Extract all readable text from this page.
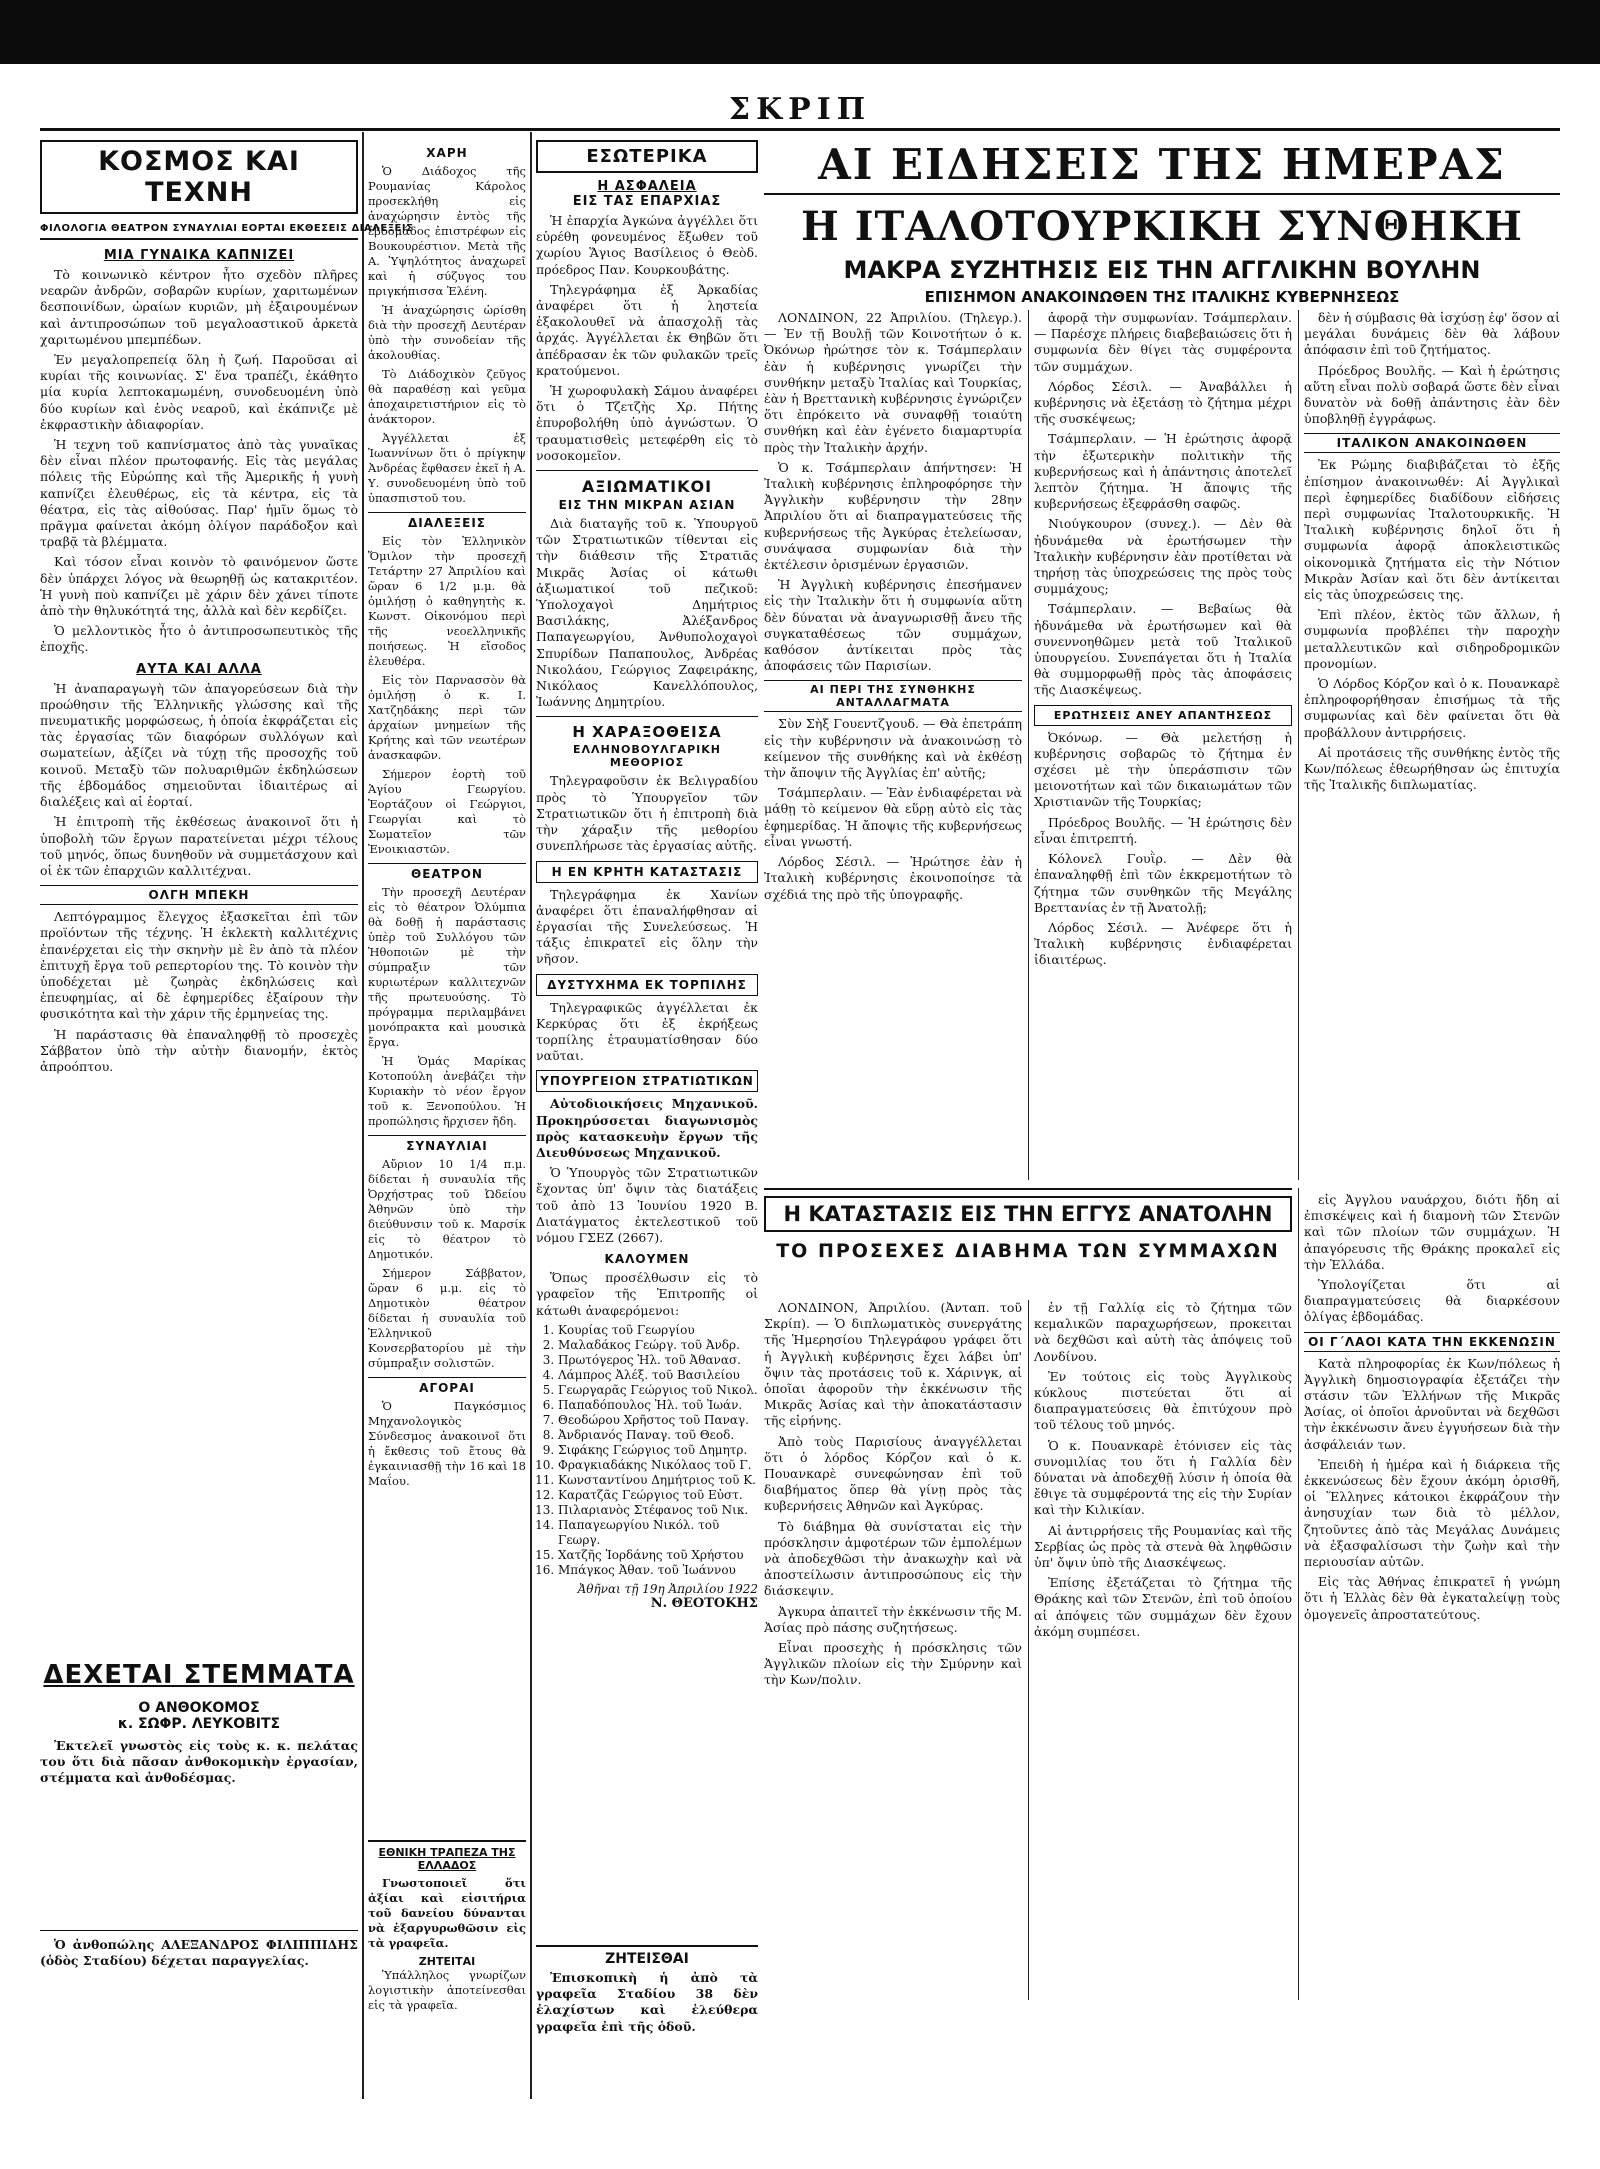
ΣΚΡΙΠ
ΚΟΣΜΟΣ ΚΑΙ ΤΕΧΝΗ
ΦΙΛΟΛΟΓΙΑ ΘΕΑΤΡΟΝ ΣΥΝΑΥΛΙΑΙ ΕΟΡΤΑΙ ΕΚΘΕΣΕΙΣ ΔΙΑΛΕΞΕΙΣ
ΜΙΑ ΓΥΝΑΙΚΑ ΚΑΠΝΙΖΕΙ

Τὸ κοινωνικὸ κέντρον ἦτο σχεδὸν πλῆρες νεαρῶν ἀνδρῶν, σοβαρῶν κυρίων, χαριτωμένων δεσποινίδων, ὡραίων κυριῶν, μὴ ἐξαιρουμένων καὶ ἀντιπροσώπων τοῦ μεγαλοαστικοῦ ἀρκετὰ χαριτωμένου μπεμπέδων.

Ἐν μεγαλοπρεπείᾳ ὅλη ἡ ζωή. Παροῦσαι αἱ κυρίαι τῆς κοινωνίας. Σ' ἕνα τραπέζι, ἐκάθητο μία κυρία λεπτοκαμωμένη, συνοδευομένη ὑπὸ δύο κυρίων καὶ ἑνὸς νεαροῦ, καὶ ἐκάπνιζε μὲ ἐκφραστικὴν ἀδιαφορίαν.

Ἡ τεχνη τοῦ καπνίσματος ἀπὸ τὰς γυναῖκας δὲν εἶναι πλέον πρωτοφανής. Εἰς τὰς μεγάλας πόλεις τῆς Εὐρώπης καὶ τῆς Ἀμερικῆς ἡ γυνὴ καπνίζει ἐλευθέρως, εἰς τὰ κέντρα, εἰς τὰ θέατρα, εἰς τὰς αἰθούσας. Παρ' ἡμῖν ὅμως τὸ πρᾶγμα φαίνεται ἀκόμη ὀλίγον παράδοξον καὶ τραβᾷ τὰ βλέμματα.

Καὶ τόσον εἶναι κοινὸν τὸ φαινόμενον ὥστε δὲν ὑπάρχει λόγος νὰ θεωρηθῇ ὡς κατακριτέον. Ἡ γυνὴ ποὺ καπνίζει μὲ χάριν δὲν χάνει τίποτε ἀπὸ τὴν θηλυκότητά της, ἀλλὰ καὶ δὲν κερδίζει.

Ὁ μελλοντικὸς ἦτο ὁ ἀντιπροσωπευτικὸς τῆς ἐποχῆς.

ΑΥΤΑ ΚΑΙ ΑΛΛΑ

Ἡ ἀναπαραγωγὴ τῶν ἀπαγορεύσεων διὰ τὴν προώθησιν τῆς Ἑλληνικῆς γλώσσης καὶ τῆς πνευματικῆς μορφώσεως, ἡ ὁποία ἐκφράζεται εἰς τὰς ἐργασίας τῶν διαφόρων συλλόγων καὶ σωματείων, ἀξίζει νὰ τύχῃ τῆς προσοχῆς τοῦ κοινοῦ. Μεταξὺ τῶν πολυαριθμῶν ἐκδηλώσεων τῆς ἑβδομάδος σημειοῦνται ἰδιαιτέρως αἱ διαλέξεις καὶ αἱ ἑορταί.

Ἡ ἐπιτροπὴ τῆς ἐκθέσεως ἀνακοινοῖ ὅτι ἡ ὑποβολὴ τῶν ἔργων παρατείνεται μέχρι τέλους τοῦ μηνός, ὅπως δυνηθοῦν νὰ συμμετάσχουν καὶ οἱ ἐκ τῶν ἐπαρχιῶν καλλιτέχναι.

ΟΛΓΗ ΜΠΕΚΗ

Λεπτόγραμμος ἔλεγχος ἐξασκεῖται ἐπὶ τῶν προϊόντων τῆς τέχνης. Ἡ ἐκλεκτὴ καλλιτέχνις ἐπανέρχεται εἰς τὴν σκηνὴν μὲ ἓν ἀπὸ τὰ πλέον ἐπιτυχῆ ἔργα τοῦ ρεπερτορίου της. Τὸ κοινὸν τὴν ὑποδέχεται μὲ ζωηρὰς ἐκδηλώσεις καὶ ἐπευφημίας, αἱ δὲ ἐφημερίδες ἐξαίρουν τὴν φυσικότητα καὶ τὴν χάριν τῆς ἑρμηνείας της.

Ἡ παράστασις θὰ ἐπαναληφθῇ τὸ προσεχὲς Σάββατον ὑπὸ τὴν αὐτὴν διανομήν, ἐκτὸς ἀπροόπτου.

ΔΕΧΕΤΑΙ ΣΤΕΜΜΑΤΑ
Ο ΑΝΘΟΚΟΜΟΣ
κ. ΣΩΦΡ. ΛΕΥΚΟΒΙΤΣ

Ἐκτελεῖ γνωστὸς εἰς τοὺς κ. κ. πελάτας του ὅτι διὰ πᾶσαν ἀνθοκομικὴν ἐργασίαν, στέμματα καὶ ἀνθοδέσμας.

Ὁ ἀνθοπώλης ΑΛΕΞΑΝΔΡΟΣ ΦΙΛΙΠΠΙΔΗΣ (ὁδὸς Σταδίου) δέχεται παραγγελίας.

ΧΑΡΗ

Ὁ Διάδοχος τῆς Ρουμανίας Κάρολος προσεκλήθη εἰς ἀναχώρησιν ἐντὸς τῆς ἑβδομάδος ἐπιστρέφων εἰς Βουκουρέστιον. Μετὰ τῆς Α. Ὑψηλότητος ἀναχωρεῖ καὶ ἡ σύζυγος του πριγκήπισσα Ἑλένη.

Ἡ ἀναχώρησις ὡρίσθη διὰ τὴν προσεχῆ Δευτέραν ὑπὸ τὴν συνοδείαν τῆς ἀκολουθίας.

Τὸ Διάδοχικὸν ζεῦγος θὰ παραθέσῃ καὶ γεῦμα ἀποχαιρετιστήριον εἰς τὸ ἀνάκτορον.

Ἀγγέλλεται ἐξ Ἰωαννίνων ὅτι ὁ πρίγκηψ Ἀνδρέας ἔφθασεν ἐκεῖ ἡ Α. Υ. συνοδευομένη ὑπὸ τοῦ ὑπασπιστοῦ του.

ΔΙΑΛΕΞΕΙΣ

Εἰς τὸν Ἑλληνικὸν Ὅμιλον τὴν προσεχῆ Τετάρτην 27 Ἀπριλίου καὶ ὥραν 6 1/2 μ.μ. θὰ ὁμιλήσῃ ὁ καθηγητὴς κ. Κωνστ. Οἰκονόμου περὶ τῆς νεοελληνικῆς ποιήσεως. Ἡ εἴσοδος ἐλευθέρα.

Εἰς τὸν Παρνασσὸν θὰ ὁμιλήσῃ ὁ κ. Ι. Χατζηδάκης περὶ τῶν ἀρχαίων μνημείων τῆς Κρήτης καὶ τῶν νεωτέρων ἀνασκαφῶν.

Σήμερον ἑορτὴ τοῦ Ἁγίου Γεωργίου. Ἑορτάζουν οἱ Γεώργιοι, Γεωργίαι καὶ τὸ Σωματεῖον τῶν Ἐνοικιαστῶν.

ΘΕΑΤΡΟΝ

Τὴν προσεχῆ Δευτέραν εἰς τὸ θέατρον Ὀλύμπια θὰ δοθῇ ἡ παράστασις ὑπὲρ τοῦ Συλλόγου τῶν Ἠθοποιῶν μὲ τὴν σύμπραξιν τῶν κυριωτέρων καλλιτεχνῶν τῆς πρωτευούσης. Τὸ πρόγραμμα περιλαμβάνει μονόπρακτα καὶ μουσικὰ ἔργα.

Ἡ Ὁμάς Μαρίκας Κοτοπούλη ἀνεβάζει τὴν Κυριακὴν τὸ νέον ἔργον τοῦ κ. Ξενοπούλου. Ἡ προπώλησις ἤρχισεν ἤδη.

ΣΥΝΑΥΛΙΑΙ

Αὔριον 10 1/4 π.μ. δίδεται ἡ συναυλία τῆς Ὀρχήστρας τοῦ Ὠδείου Ἀθηνῶν ὑπὸ τὴν διεύθυνσιν τοῦ κ. Μαρσίκ εἰς τὸ θέατρον τὸ Δημοτικόν.

Σήμερον Σάββατον, ὥραν 6 μ.μ. εἰς τὸ Δημοτικὸν θέατρον δίδεται ἡ συναυλία τοῦ Ἑλληνικοῦ Κονσερβατορίου μὲ τὴν σύμπραξιν σολιστῶν.

ΑΓΟΡΑΙ

Ὁ Παγκόσμιος Μηχανολογικὸς Σύνδεσμος ἀνακοινοῖ ὅτι ἡ ἔκθεσις τοῦ ἔτους θὰ ἐγκαινιασθῇ τὴν 16 καὶ 18 Μαΐου.

ΕΣΩΤΕΡΙΚΑ
Η ΑΣΦΑΛΕΙΑ
ΕΙΣ ΤΑΣ ΕΠΑΡΧΙΑΣ

Ἡ ἐπαρχία Ἀγκώνα ἀγγέλλει ὅτι εὑρέθη φονευμένος ἔξωθεν τοῦ χωρίου Ἅγιος Βασίλειος ὁ Θεὸδ. πρόεδρος Παν. Κουρκουβάτης.

Τηλεγράφημα ἐξ Ἀρκαδίας ἀναφέρει ὅτι ἡ ληστεία ἐξακολουθεῖ νὰ ἀπασχολῇ τὰς ἀρχάς. Ἀγγέλλεται ἐκ Θηβῶν ὅτι ἀπέδρασαν ἐκ τῶν φυλακῶν τρεῖς κρατούμενοι.

Ἡ χωροφυλακὴ Σάμου ἀναφέρει ὅτι ὁ Τζετζὴς Χρ. Πήτης ἐπυροβολήθη ὑπὸ ἀγνώστων. Ὁ τραυματισθεὶς μετεφέρθη εἰς τὸ νοσοκομεῖον.

ΑΞΙΩΜΑΤΙΚΟΙ
ΕΙΣ ΤΗΝ ΜΙΚΡΑΝ ΑΣΙΑΝ

Διὰ διαταγῆς τοῦ κ. Ὑπουργοῦ τῶν Στρατιωτικῶν τίθενται εἰς τὴν διάθεσιν τῆς Στρατιᾶς Μικρᾶς Ἀσίας οἱ κάτωθι ἀξιωματικοί τοῦ πεζικοῦ: Ὑπολοχαγοὶ Δημήτριος Βασιλάκης, Ἀλέξανδρος Παπαγεωργίου, Ἀνθυπολοχαγοὶ Σπυρίδων Παπαπουλος, Ἀνδρέας Νικολάου, Γεώργιος Ζαφειράκης, Νικόλαος Κανελλόπουλος, Ἰωάννης Δημητρίου.

Η ΧΑΡΑΞΟΘΕΙΣΑ
ΕΛΛΗΝΟΒΟΥΛΓΑΡΙΚΗ ΜΕΘΟΡΙΟΣ

Τηλεγραφοῦσιν ἐκ Βελιγραδίου πρὸς τὸ Ὑπουργεῖον τῶν Στρατιωτικῶν ὅτι ἡ ἐπιτροπὴ διὰ τὴν χάραξιν τῆς μεθορίου συνεπλήρωσε τὰς ἐργασίας αὐτῆς.

Η ΕΝ ΚΡΗΤΗ ΚΑΤΑΣΤΑΣΙΣ

Τηλεγράφημα ἐκ Χανίων ἀναφέρει ὅτι ἐπαναλήφθησαν αἱ ἐργασίαι τῆς Συνελεύσεως. Ἡ τάξις ἐπικρατεῖ εἰς ὅλην τὴν νῆσον.

ΔΥΣΤΥΧΗΜΑ ΕΚ ΤΟΡΠΙΛΗΣ

Τηλεγραφικῶς ἀγγέλλεται ἐκ Κερκύρας ὅτι ἐξ ἐκρήξεως τορπίλης ἐτραυματίσθησαν δύο ναῦται.

ΥΠΟΥΡΓΕΙΟΝ ΣΤΡΑΤΙΩΤΙΚΩΝ

Αὐτοδιοικήσεις Μηχανικοῦ. Προκηρύσσεται διαγωνισμὸς πρὸς κατασκευὴν ἔργων τῆς Διευθύνσεως Μηχανικοῦ.

Ὁ Ὑπουργὸς τῶν Στρατιωτικῶν ἔχοντας ὑπ' ὄψιν τὰς διατάξεις τοῦ ἀπὸ 13 Ἰουνίου 1920 Β. Διατάγματος ἐκτελεστικοῦ τοῦ νόμου ΓΣΕΖ (2667).

ΚΑΛΟΥΜΕΝ

Ὅπως προσέλθωσιν εἰς τὸ γραφεῖον τῆς Ἐπιτροπῆς οἱ κάτωθι ἀναφερόμενοι:

1. Κουρίας τοῦ Γεωργίου
2. Μαλαδάκος Γεώργ. τοῦ Ἀνδρ.
3. Πρωτόγερος Ἠλ. τοῦ Ἀθανασ.
4. Λάμπρος Ἀλέξ. τοῦ Βασιλείου
5. Γεωργαρᾶς Γεώργιος τοῦ Νικολ.
6. Παπαδόπουλος Ἠλ. τοῦ Ἰωάν.
7. Θεοδώρου Χρῆστος τοῦ Παναγ.
8. Ἀνδριανός Παναγ. τοῦ Θεοδ.
9. Σιφάκης Γεώργιος τοῦ Δημητρ.
10. Φραγκιαδάκης Νικόλαος τοῦ Γ.
11. Κωνσταντίνου Δημήτριος τοῦ Κ.
12. Καρατζᾶς Γεώργιος τοῦ Εὐστ.
13. Πιλαριανὸς Στέφανος τοῦ Νικ.
14. Παπαγεωργίου Νικόλ. τοῦ Γεωργ.
15. Χατζῆς Ἰορδάνης τοῦ Χρήστου
16. Μπάγκος Ἀθαν. τοῦ Ἰωάννου
Ἀθῆναι τῇ 19η Ἀπριλίου 1922
Ν. ΘΕΟΤΟΚΗΣ
ΕΘΝΙΚΗ ΤΡΑΠΕΖΑ ΤΗΣ ΕΛΛΑΔΟΣ

Γνωστοποιεῖ ὅτι ἀξίαι καὶ εἰσιτήρια τοῦ δανείου δύνανται νὰ ἐξαργυρωθῶσιν εἰς τὰ γραφεῖα.

ΖΗΤΕΙΤΑΙ

Ὑπάλληλος γνωρίζων λογιστικὴν ἀποτείνεσθαι εἰς τὰ γραφεῖα.

ΖΗΤΕΙΣΘΑΙ

Ἐπισκοπικὴ ἡ ἀπὸ τὰ γραφεῖα Σταδίου 38 δὲν ἐλαχίστων καὶ ἐλεύθερα γραφεῖα ἐπὶ τῆς ὁδοῦ.

ΑΙ ΕΙΔΗΣΕΙΣ ΤΗΣ ΗΜΕΡΑΣ
Η ΙΤΑΛΟΤΟΥΡΚΙΚΗ ΣΥΝΘΗΚΗ
ΜΑΚΡΑ ΣΥΖΗΤΗΣΙΣ ΕΙΣ ΤΗΝ ΑΓΓΛΙΚΗΝ ΒΟΥΛΗΝ
ΕΠΙΣΗΜΟΝ ΑΝΑΚΟΙΝΩΘΕΝ ΤΗΣ ΙΤΑΛΙΚΗΣ ΚΥΒΕΡΝΗΣΕΩΣ

ΛΟΝΔΙΝΟΝ, 22 Ἀπριλίου. (Τηλεγρ.). — Ἐν τῇ Βουλῇ τῶν Κοινοτήτων ὁ κ. Ὀκόνωρ ἠρώτησε τὸν κ. Τσάμπερλαιν ἐὰν ἡ κυβέρνησις γνωρίζει τὴν συνθήκην μεταξὺ Ἰταλίας καὶ Τουρκίας, ἐὰν ἡ Βρεττανικὴ κυβέρνησις ἐγνώριζεν ὅτι ἐπρόκειτο νὰ συναφθῇ τοιαύτη συνθήκη καὶ ἐὰν ἐγένετο διαμαρτυρία πρὸς τὴν Ἰταλικὴν ἀρχήν.

Ὁ κ. Τσάμπερλαιν ἀπήντησεν: Ἡ Ἰταλικὴ κυβέρνησις ἐπληροφόρησε τὴν Ἀγγλικὴν κυβέρνησιν τὴν 28ην Ἀπριλίου ὅτι αἱ διαπραγματεύσεις τῆς κυβερνήσεως τῆς Ἀγκύρας ἐτελείωσαν, συνάψασα συμφωνίαν διὰ τὴν ἐκτέλεσιν ὁρισμένων ἐργασιῶν.

Ἡ Ἀγγλικὴ κυβέρνησις ἐπεσήμανεν εἰς τὴν Ἰταλικὴν ὅτι ἡ συμφωνία αὕτη δὲν δύναται νὰ ἀναγνωρισθῇ ἄνευ τῆς συγκαταθέσεως τῶν συμμάχων, καθόσον ἀντίκειται πρὸς τὰς ἀποφάσεις τῶν Παρισίων.

ΑΙ ΠΕΡΙ ΤΗΣ ΣΥΝΘΗΚΗΣ ΑΝΤΑΛΛΑΓΜΑΤΑ

Σὺν Σὴξ Γουεντζγουδ. — Θὰ ἐπετράπη εἰς τὴν κυβέρνησιν νὰ ἀνακοινώσῃ τὸ κείμενον τῆς συνθήκης καὶ νὰ ἐκθέσῃ τὴν ἄποψιν τῆς Ἀγγλίας ἐπ' αὐτῆς;

Τσάμπερλαιν. — Ἐὰν ἐνδιαφέρεται νὰ μάθῃ τὸ κείμενον θὰ εὕρῃ αὐτὸ εἰς τὰς ἐφημερίδας. Ἡ ἄποψις τῆς κυβερνήσεως εἶναι γνωστή.

Λόρδος Σέσιλ. — Ἠρώτησε ἐὰν ἡ Ἰταλικὴ κυβέρνησις ἐκοινοποίησε τὰ σχέδιά της πρὸ τῆς ὑπογραφῆς.

ἀφορᾷ τὴν συμφωνίαν. Τσάμπερλαιν. — Παρέσχε πλήρεις διαβεβαιώσεις ὅτι ἡ συμφωνία δὲν θίγει τὰς συμφέροντα τῶν συμμάχων.

Λόρδος Σέσιλ. — Ἀναβάλλει ἡ κυβέρνησις νὰ ἐξετάσῃ τὸ ζήτημα μέχρι τῆς συσκέψεως;

Τσάμπερλαιν. — Ἡ ἐρώτησις ἀφορᾷ τὴν ἐξωτερικὴν πολιτικὴν τῆς κυβερνήσεως καὶ ἡ ἀπάντησις ἀποτελεῖ λεπτὸν ζήτημα. Ἡ ἄποψις τῆς κυβερνήσεως ἐξεφράσθη σαφῶς.

Νιούγκουρον (συνεχ.). — Δὲν θὰ ἠδυνάμεθα νὰ ἐρωτήσωμεν τὴν Ἰταλικὴν κυβέρνησιν ἐὰν προτίθεται νὰ τηρήσῃ τὰς ὑποχρεώσεις της πρὸς τοὺς συμμάχους;

Τσάμπερλαιν. — Βεβαίως θὰ ἠδυνάμεθα νὰ ἐρωτήσωμεν καὶ θὰ συνεννοηθῶμεν μετὰ τοῦ Ἰταλικοῦ ὑπουργείου. Συνεπάγεται ὅτι ἡ Ἰταλία θὰ συμμορφωθῇ πρὸς τὰς ἀποφάσεις τῆς Διασκέψεως.

ΕΡΩΤΗΣΕΙΣ ΑΝΕΥ ΑΠΑΝΤΗΣΕΩΣ

Ὀκόνωρ. — Θὰ μελετήσῃ ἡ κυβέρνησις σοβαρῶς τὸ ζήτημα ἐν σχέσει μὲ τὴν ὑπεράσπισιν τῶν μειονοτήτων καὶ τῶν δικαιωμάτων τῶν Χριστιανῶν τῆς Τουρκίας;

Πρόεδρος Βουλῆς. — Ἡ ἐρώτησις δὲν εἶναι ἐπιτρεπτή.

Κόλονελ Γουῒρ. — Δὲν θὰ ἐπαναληφθῇ ἐπὶ τῶν ἐκκρεμοτήτων τὸ ζήτημα τῶν συνθηκῶν τῆς Μεγάλης Βρεττανίας ἐν τῇ Ἀνατολῇ;

Λόρδος Σέσιλ. — Ἀνέφερε ὅτι ἡ Ἰταλικὴ κυβέρνησις ἐνδιαφέρεται ἰδιαιτέρως.

δὲν ἡ σύμβασις θὰ ἰσχύσῃ ἐφ' ὅσον αἱ μεγάλαι δυνάμεις δὲν θὰ λάβουν ἀπόφασιν ἐπὶ τοῦ ζητήματος.

Πρόεδρος Βουλῆς. — Καὶ ἡ ἐρώτησις αὕτη εἶναι πολὺ σοβαρά ὥστε δὲν εἶναι δυνατὸν νὰ δοθῇ ἀπάντησις ἐὰν δὲν ὑποβληθῇ ἐγγράφως.

ΙΤΑΛΙΚΟΝ ΑΝΑΚΟΙΝΩΘΕΝ

Ἐκ Ρώμης διαβιβάζεται τὸ ἑξῆς ἐπίσημον ἀνακοινωθέν: Αἱ Ἀγγλικαὶ περὶ ἐφημερίδες διαδίδουν εἰδήσεις περὶ συμφωνίας Ἰταλοτουρκικῆς. Ἡ Ἰταλικὴ κυβέρνησις δηλοῖ ὅτι ἡ συμφωνία ἀφορᾷ ἀποκλειστικῶς οἰκονομικὰ ζητήματα εἰς τὴν Νότιον Μικρὰν Ἀσίαν καὶ ὅτι δὲν ἀντίκειται εἰς τὰς ὑποχρεώσεις της.

Ἐπὶ πλέον, ἐκτὸς τῶν ἄλλων, ἡ συμφωνία προβλέπει τὴν παροχὴν μεταλλευτικῶν καὶ σιδηροδρομικῶν προνομίων.

Ὁ Λόρδος Κόρζον καὶ ὁ κ. Πουανκαρὲ ἐπληροφορήθησαν ἐπισήμως τὰ τῆς συμφωνίας καὶ δὲν φαίνεται ὅτι θὰ προβάλλουν ἀντιρρήσεις.

Αἱ προτάσεις τῆς συνθήκης ἐντὸς τῆς Κων/πόλεως ἐθεωρήθησαν ὡς ἐπιτυχία τῆς Ἰταλικῆς διπλωματίας.

Η ΚΑΤΑΣΤΑΣΙΣ ΕΙΣ ΤΗΝ ΕΓΓΥΣ ΑΝΑΤΟΛΗΝ
ΤΟ ΠΡΟΣΕΧΕΣ ΔΙΑΒΗΜΑ ΤΩΝ ΣΥΜΜΑΧΩΝ

ΛΟΝΔΙΝΟΝ, Ἀπριλίου. (Ἀνταπ. τοῦ Σκρίπ). — Ὁ διπλωματικὸς συνεργάτης τῆς Ἡμερησίου Τηλεγράφου γράφει ὅτι ἡ Ἀγγλικὴ κυβέρνησις ἔχει λάβει ὑπ' ὄψιν τὰς προτάσεις τοῦ κ. Χάρινγκ, αἱ ὁποῖαι ἀφοροῦν τὴν ἐκκένωσιν τῆς Μικρᾶς Ἀσίας καὶ τὴν ἀποκατάστασιν τῆς εἰρήνης.

Ἀπὸ τοὺς Παρισίους ἀναγγέλλεται ὅτι ὁ λόρδος Κόρζον καὶ ὁ κ. Πουανκαρὲ συνεφώνησαν ἐπὶ τοῦ διαβήματος ὅπερ θὰ γίνῃ πρὸς τὰς κυβερνήσεις Ἀθηνῶν καὶ Ἀγκύρας.

Τὸ διάβημα θὰ συνίσταται εἰς τὴν πρόσκλησιν ἀμφοτέρων τῶν ἐμπολέμων νὰ ἀποδεχθῶσι τὴν ἀνακωχὴν καὶ νὰ ἀποστείλωσιν ἀντιπροσώπους εἰς τὴν διάσκεψιν.

Ἀγκυρα ἀπαιτεῖ τὴν ἐκκένωσιν τῆς Μ. Ἀσίας πρὸ πάσης συζητήσεως.

Εἶναι προσεχὴς ἡ πρόσκλησις τῶν Ἀγγλικῶν πλοίων εἰς τὴν Σμύρνην καὶ τὴν Κων/πολιν.

ἐν τῇ Γαλλίᾳ εἰς τὸ ζήτημα τῶν κεμαλικῶν παραχωρήσεων, προκειται νὰ δεχθῶσι καὶ αὐτὴ τὰς ἀπόψεις τοῦ Λονδίνου.

Ἐν τούτοις εἰς τοὺς Ἀγγλικοὺς κύκλους πιστεύεται ὅτι αἱ διαπραγματεύσεις θὰ ἐπιτύχουν πρὸ τοῦ τέλους τοῦ μηνός.

Ὁ κ. Πουανκαρὲ ἐτόνισεν εἰς τὰς συνομιλίας του ὅτι ἡ Γαλλία δὲν δύναται νὰ ἀποδεχθῇ λύσιν ἡ ὁποία θὰ ἔθιγε τὰ συμφέροντά της εἰς τὴν Συρίαν καὶ τὴν Κιλικίαν.

Αἱ ἀντιρρήσεις τῆς Ρουμανίας καὶ τῆς Σερβίας ὡς πρὸς τὰ στενὰ θὰ ληφθῶσιν ὑπ' ὄψιν ὑπὸ τῆς Διασκέψεως.

Ἐπίσης ἐξετάζεται τὸ ζήτημα τῆς Θράκης καὶ τῶν Στενῶν, ἐπὶ τοῦ ὁποίου αἱ ἀπόψεις τῶν συμμάχων δὲν ἔχουν ἀκόμη συμπέσει.

εἰς Ἀγγλου ναυάρχου, διότι ἤδη αἱ ἐπισκέψεις καὶ ἡ διαμονὴ τῶν Στενῶν καὶ τῶν πλοίων τῶν συμμάχων. Ἡ ἀπαγόρευσις τῆς Θράκης προκαλεῖ εἰς τὴν Ἑλλάδα.

Ὑπολογίζεται ὅτι αἱ διαπραγματεύσεις θὰ διαρκέσουν ὀλίγας ἑβδομάδας.

ΟΙ Γ΄ΛΑΟΙ ΚΑΤΑ ΤΗΝ ΕΚΚΕΝΩΣΙΝ

Κατὰ πληροφορίας ἐκ Κων/πόλεως ἡ Ἀγγλικὴ δημοσιογραφία ἐξετάζει τὴν στάσιν τῶν Ἑλλήνων τῆς Μικρᾶς Ἀσίας, οἱ ὁποῖοι ἀρνοῦνται νὰ δεχθῶσι τὴν ἐκκένωσιν ἄνευ ἐγγυήσεων διὰ τὴν ἀσφάλειάν των.

Ἐπειδὴ ἡ ἡμέρα καὶ ἡ διάρκεια τῆς ἐκκενώσεως δὲν ἔχουν ἀκόμη ὁρισθῆ, οἱ Ἕλληνες κάτοικοι ἐκφράζουν τὴν ἀνησυχίαν των διὰ τὸ μέλλον, ζητοῦντες ἀπὸ τὰς Μεγάλας Δυνάμεις νὰ ἐξασφαλίσωσι τὴν ζωὴν καὶ τὴν περιουσίαν αὐτῶν.

Εἰς τὰς Ἀθήνας ἐπικρατεῖ ἡ γνώμη ὅτι ἡ Ἑλλὰς δὲν θὰ ἐγκαταλείψῃ τοὺς ὁμογενεῖς ἀπροστατεύτους.
